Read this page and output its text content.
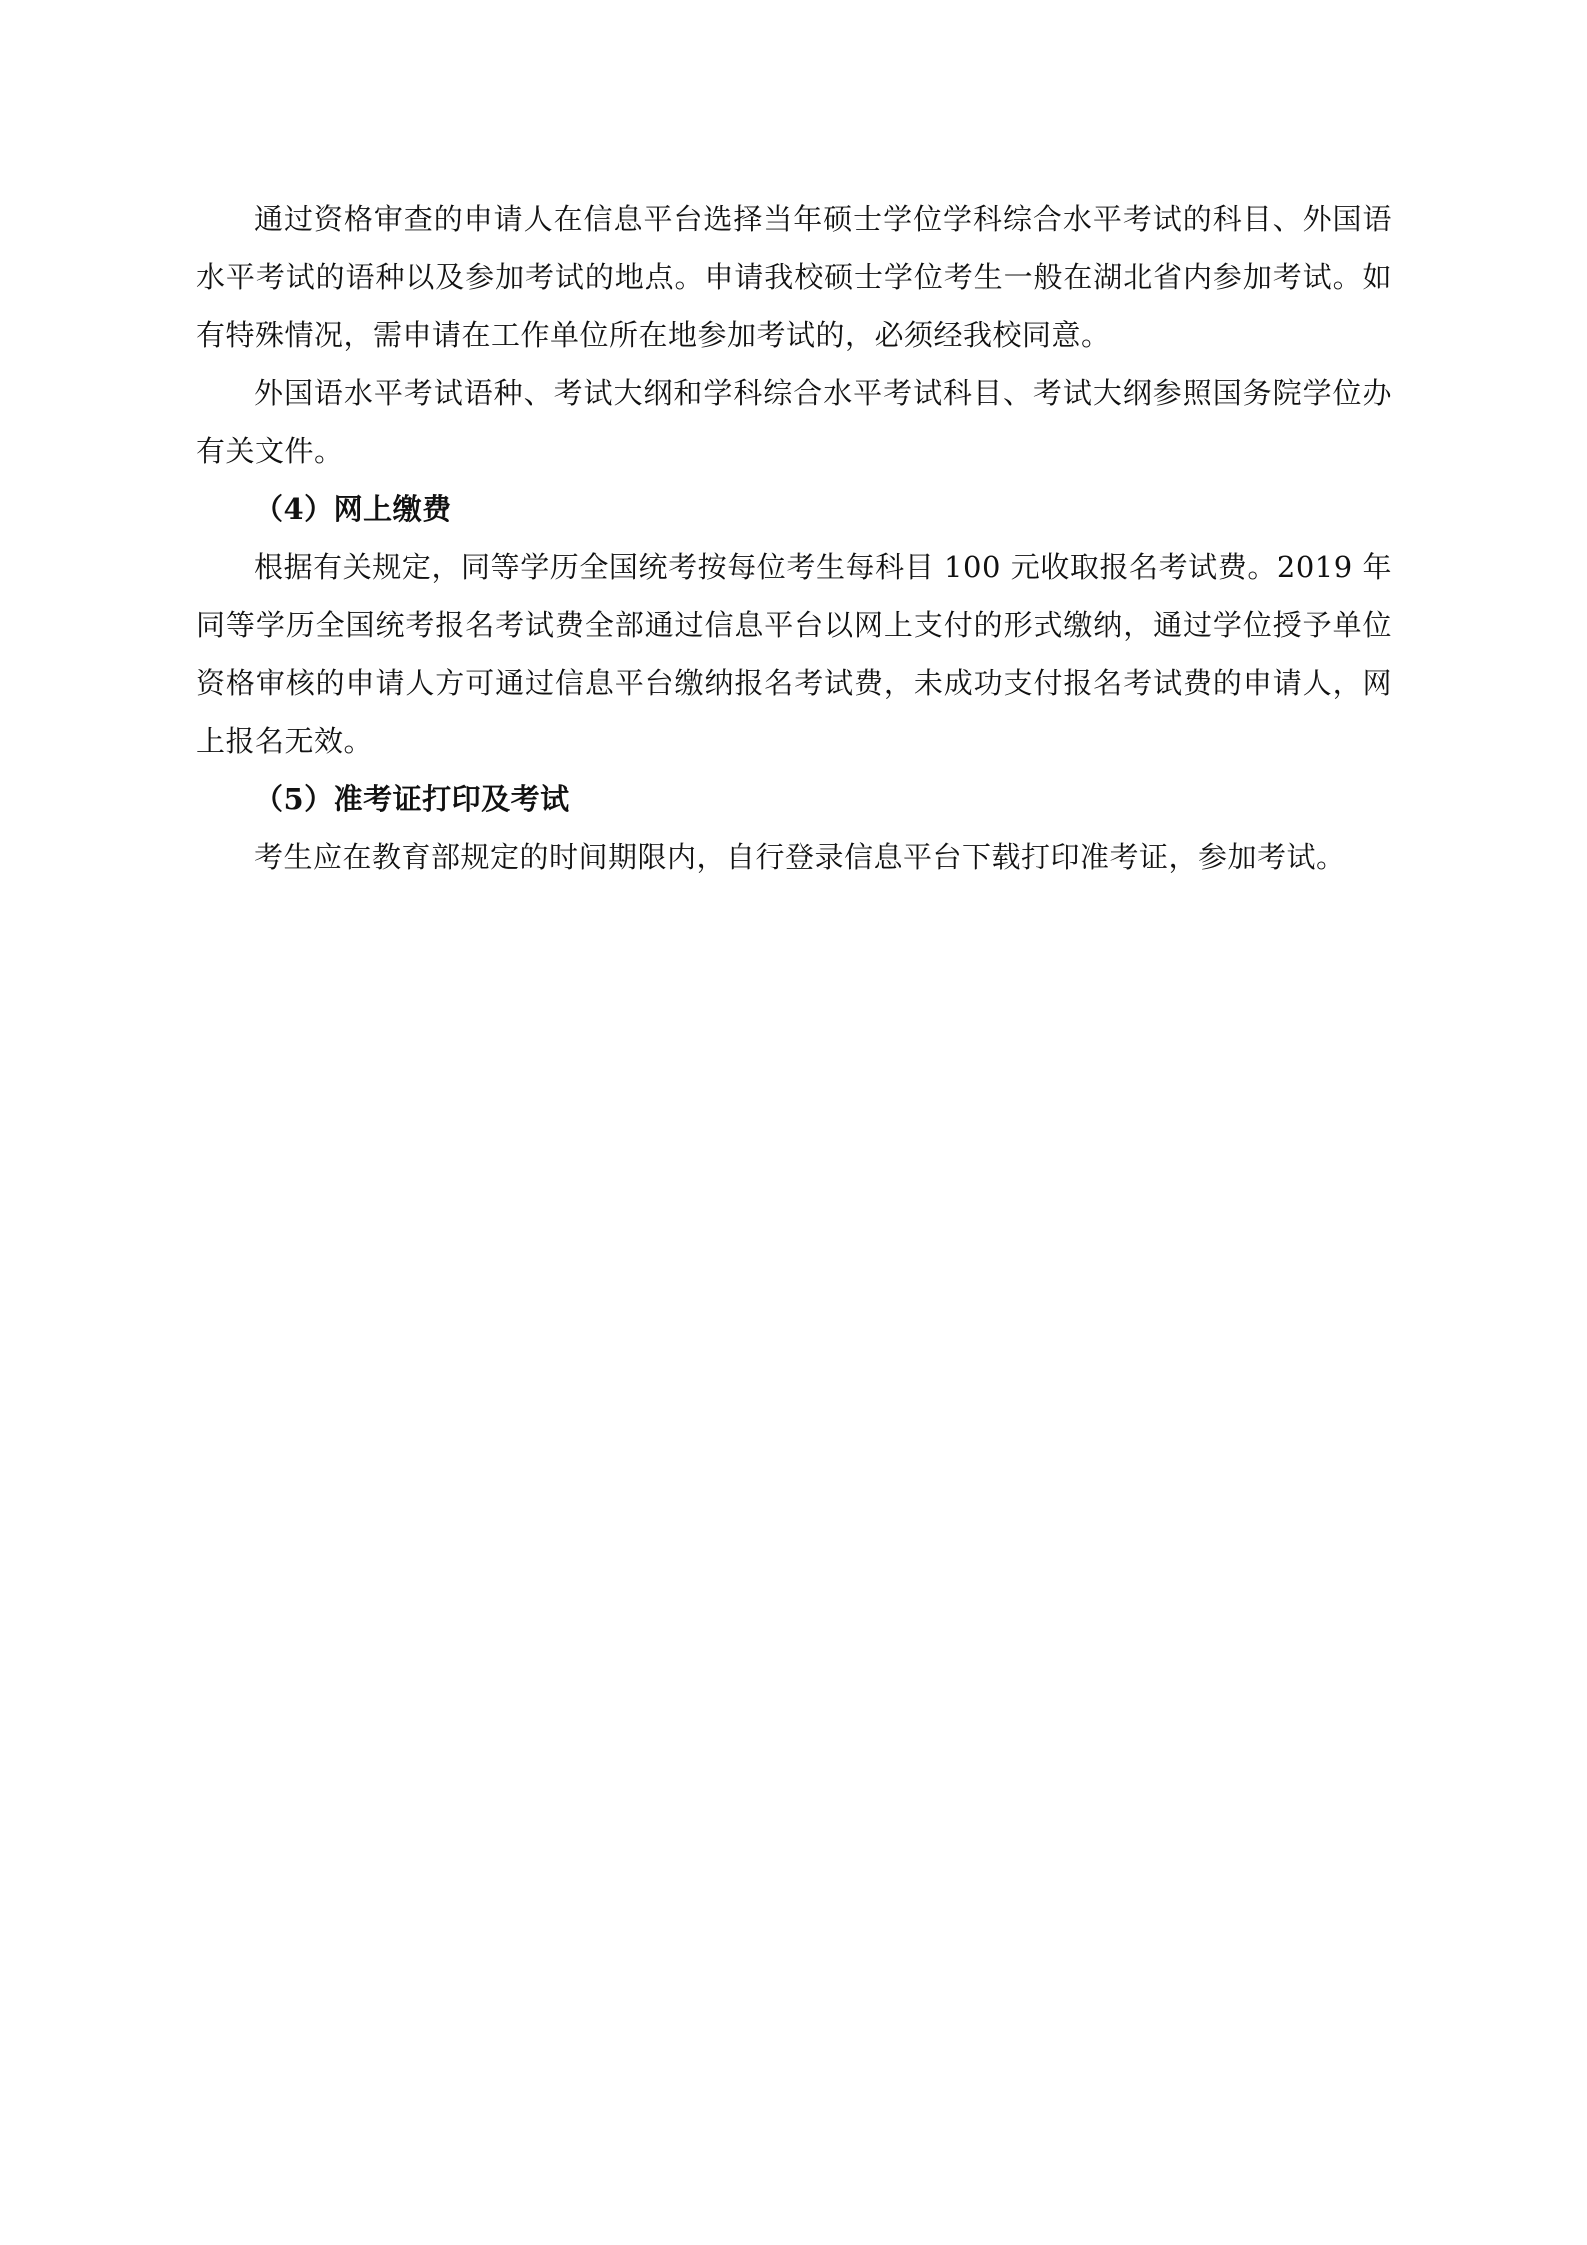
通过资格审查的申请人在信息平台选择当年硕士学位学科综合水平考试的科目、外国语水平考试的语种以及参加考试的地点。申请我校硕士学位考生一般在湖北省内参加考试。如有特殊情况，需申请在工作单位所在地参加考试的，必须经我校同意。

外国语水平考试语种、考试大纲和学科综合水平考试科目、考试大纲参照国务院学位办有关文件。

（4）网上缴费

根据有关规定，同等学历全国统考按每位考生每科目 100 元收取报名考试费。2019 年同等学历全国统考报名考试费全部通过信息平台以网上支付的形式缴纳，通过学位授予单位资格审核的申请人方可通过信息平台缴纳报名考试费，未成功支付报名考试费的申请人，网上报名无效。

（5）准考证打印及考试

考生应在教育部规定的时间期限内，自行登录信息平台下载打印准考证，参加考试。
